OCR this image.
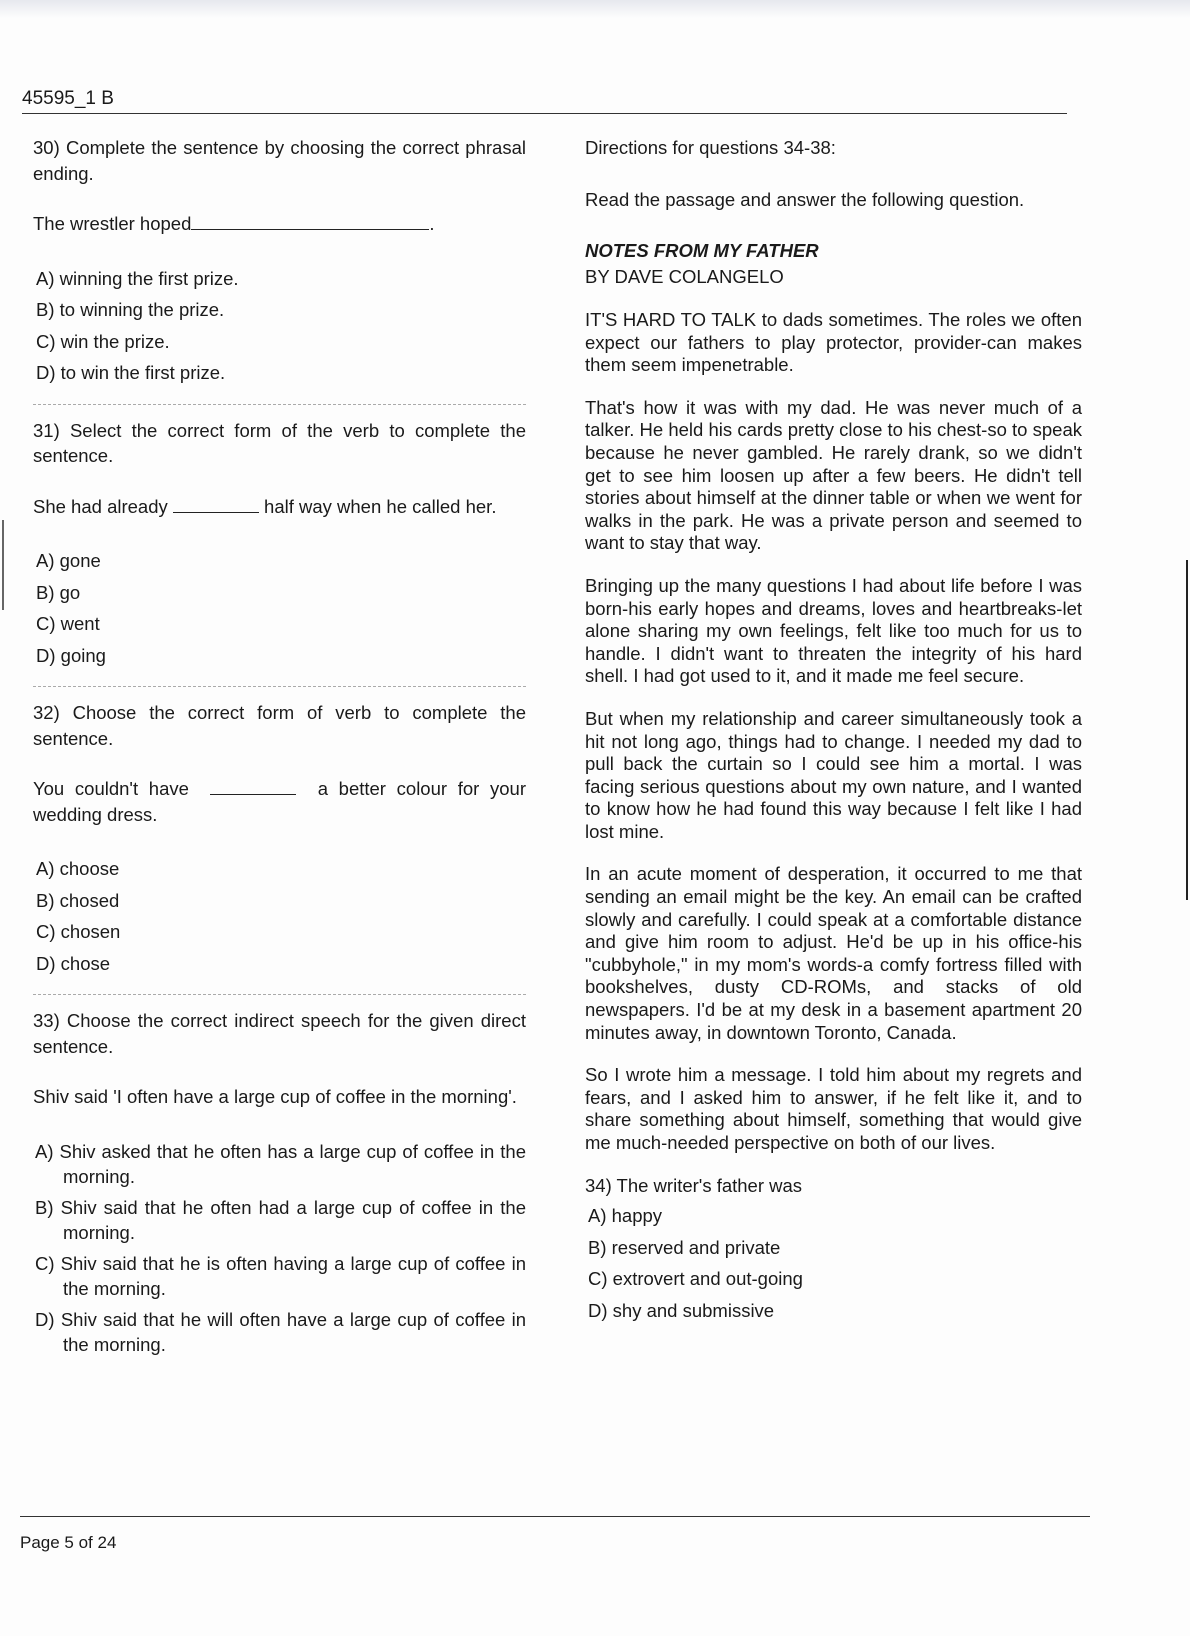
45595_1 B

30) Complete the sentence by choosing the correct phrasal ending.

The wrestler hoped	.

A) winning the first prize.

B) to winning the prize.

C) win the prize.

D) to win the first prize.

31) Select the correct form of the verb to complete the sentence.

She had already	half way when he called her.

A) gone

B) go

C) went

D) going

32) Choose the correct form of verb to complete the sentence.

You couldn't have	a better colour for your wedding dress.

A) choose

B) chosed

C) chosen

D) chose

33) Choose the correct indirect speech for the given direct sentence.

Shiv said 'I often have a large cup of coffee in the morning'.

A) Shiv asked that he often has a large cup of coffee in the morning.

B) Shiv said that he often had a large cup of coffee in the morning.

C) Shiv said that he is often having a large cup of coffee in the morning.

D) Shiv said that he will often have a large cup of coffee in the morning.

Directions for questions 34-38:

Read the passage and answer the following question.

NOTES FROM MY FATHER

BY DAVE COLANGELO

IT'S HARD TO TALK to dads sometimes. The roles we often expect our fathers to play protector, provider-can makes them seem impenetrable.

That's how it was with my dad. He was never much of a talker. He held his cards pretty close to his chest-so to speak because he never gambled. He rarely drank, so we didn't get to see him loosen up after a few beers. He didn't tell stories about himself at the dinner table or when we went for walks in the park. He was a private person and seemed to want to stay that way.

Bringing up the many questions I had about life before I was born-his early hopes and dreams, loves and heartbreaks-let alone sharing my own feelings, felt like too much for us to handle. I didn't want to threaten the integrity of his hard shell. I had got used to it, and it made me feel secure.

But when my relationship and career simultaneously took a hit not long ago, things had to change. I needed my dad to pull back the curtain so I could see him a mortal. I was facing serious questions about my own nature, and I wanted to know how he had found this way because I felt like I had lost mine.

In an acute moment of desperation, it occurred to me that sending an email might be the key. An email can be crafted slowly and carefully. I could speak at a comfortable distance and give him room to adjust. He'd be up in his office-his "cubbyhole," in my mom's words-a comfy fortress filled with bookshelves, dusty CD-ROMs, and stacks of old newspapers. I'd be at my desk in a basement apartment 20 minutes away, in downtown Toronto, Canada.

So I wrote him a message. I told him about my regrets and fears, and I asked him to answer, if he felt like it, and to share something about himself, something that would give me much-needed perspective on both of our lives.

34) The writer's father was

A) happy

B) reserved and private

C) extrovert and out-going

D) shy and submissive

Page 5 of 24
